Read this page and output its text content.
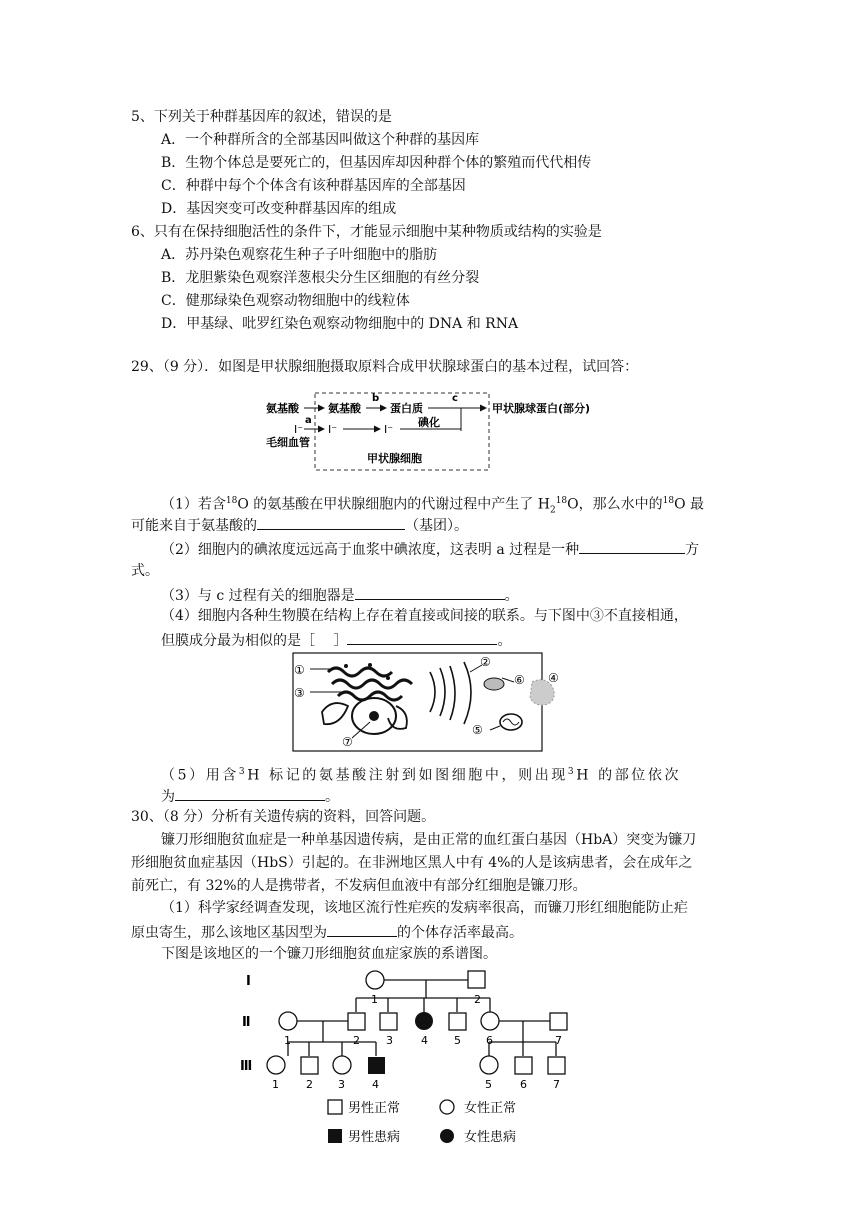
5、下列关于种群基因库的叙述，错误的是
A．一个种群所含的全部基因叫做这个种群的基因库
B．生物个体总是要死亡的，但基因库却因种群个体的繁殖而代代相传
C．种群中每个个体含有该种群基因库的全部基因
D．基因突变可改变种群基因库的组成
6、只有在保持细胞活性的条件下，才能显示细胞中某种物质或结构的实验是
A．苏丹染色观察花生种子子叶细胞中的脂肪
B．龙胆紫染色观察洋葱根尖分生区细胞的有丝分裂
C．健那绿染色观察动物细胞中的线粒体
D．甲基绿、吡罗红染色观察动物细胞中的 DNA 和 RNA
29、（9 分）．如图是甲状腺细胞摄取原料合成甲状腺球蛋白的基本过程，试回答：
氨基酸	氨基酸
b
蛋白质
c
甲状腺球蛋白(部分)
a
I⁻ I⁻	I⁻
碘化
毛细血管
甲状腺细胞
（1）若含$^{18}$O 的氨基酸在甲状腺细胞内的代谢过程中产生了 $H_2^{18}O$，那么水中的$^{18}$O 最
可能来自于氨基酸的	（基团）。
（2）细胞内的碘浓度远远高于血浆中碘浓度，这表明 a 过程是一种	方
式。
（3）与 c 过程有关的细胞器是	。
（4）细胞内各种生物膜在结构上存在着直接或间接的联系。与下图中③不直接相通，
但膜成分最为相似的是［　 ］	。
①
②
③
④
⑤
⑥
⑦
（5）用含$^3$H 标记的氨基酸注射到如图细胞中，则出现$^3$H 的部位依次
为	。
30、（8 分）分析有关遗传病的资料，回答问题。
镰刀形细胞贫血症是一种单基因遗传病，是由正常的血红蛋白基因（HbA）突变为镰刀
形细胞贫血症基因（HbS）引起的。在非洲地区黑人中有 4%的人是该病患者，会在成年之
前死亡，有 32%的人是携带者，不发病但血液中有部分红细胞是镰刀形。
（1）科学家经调查发现，该地区流行性疟疾的发病率很高，而镰刀形红细胞能防止疟
原虫寄生，那么该地区基因型为	的个体存活率最高。
下图是该地区的一个镰刀形细胞贫血症家族的系谱图。
Ⅰ
Ⅱ
Ⅲ
1	2
1	2 3	4 5 6	7
1 2 3 4	5	6 7
男性正常	女性正常
男性患病	女性患病
